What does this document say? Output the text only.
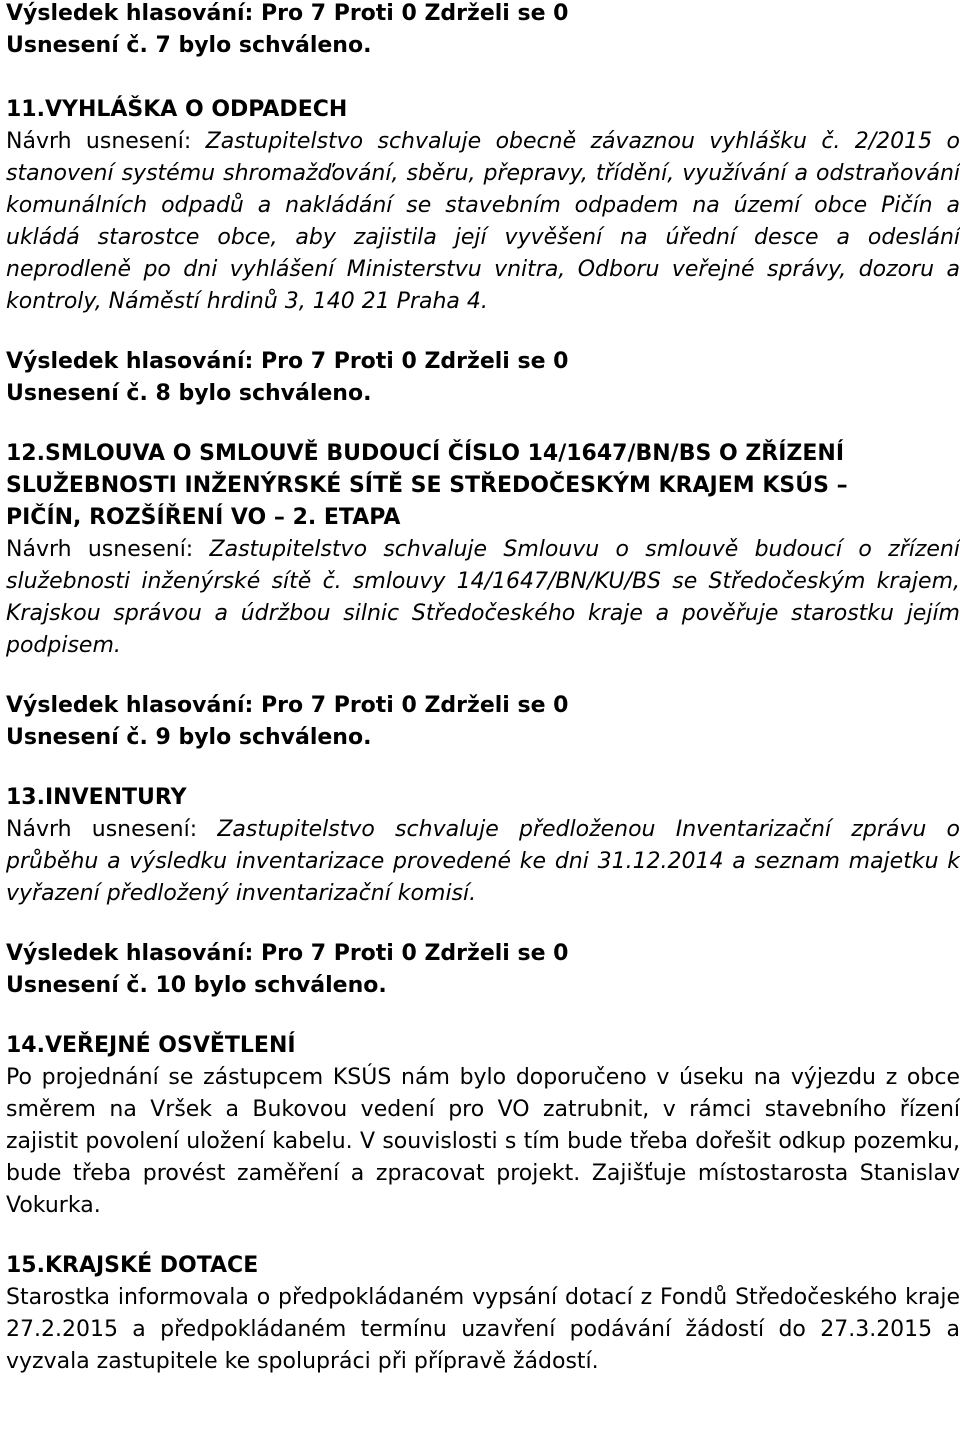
Výsledek hlasování: Pro 7 Proti 0 Zdrželi se 0

Usnesení č. 7 bylo schváleno.

11.VYHLÁŠKA O ODPADECH

Návrh usnesení: Zastupitelstvo schvaluje obecně závaznou vyhlášku č. 2/2015 o stanovení systému shromažďování, sběru, přepravy, třídění, využívání a odstraňování komunálních odpadů a nakládání se stavebním odpadem na území obce Pičín a ukládá starostce obce, aby zajistila její vyvěšení na úřední desce a odeslání neprodleně po dni vyhlášení Ministerstvu vnitra, Odboru veřejné správy, dozoru a kontroly, Náměstí hrdinů 3, 140 21 Praha 4.

Výsledek hlasování: Pro 7 Proti 0 Zdrželi se 0

Usnesení č. 8 bylo schváleno.

12.SMLOUVA O SMLOUVĚ BUDOUCÍ ČÍSLO 14/1647/BN/BS O ZŘÍZENÍ

SLUŽEBNOSTI INŽENÝRSKÉ SÍTĚ SE STŘEDOČESKÝM KRAJEM KSÚS –

PIČÍN, ROZŠÍŘENÍ VO – 2. ETAPA

Návrh usnesení: Zastupitelstvo schvaluje Smlouvu o smlouvě budoucí o zřízení služebnosti inženýrské sítě č. smlouvy 14/1647/BN/KU/BS se Středočeským krajem, Krajskou správou a údržbou silnic Středočeského kraje a pověřuje starostku jejím podpisem.

Výsledek hlasování: Pro 7 Proti 0 Zdrželi se 0

Usnesení č. 9 bylo schváleno.

13.INVENTURY

Návrh usnesení: Zastupitelstvo schvaluje předloženou Inventarizační zprávu o průběhu a výsledku inventarizace provedené ke dni 31.12.2014 a seznam majetku k vyřazení předložený inventarizační komisí.

Výsledek hlasování: Pro 7 Proti 0 Zdrželi se 0

Usnesení č. 10 bylo schváleno.

14.VEŘEJNÉ OSVĚTLENÍ

Po projednání se zástupcem KSÚS nám bylo doporučeno v úseku na výjezdu z obce směrem na Vršek a Bukovou vedení pro VO zatrubnit, v rámci stavebního řízení zajistit povolení uložení kabelu. V souvislosti s tím bude třeba dořešit odkup pozemku, bude třeba provést zaměření a zpracovat projekt. Zajišťuje místostarosta Stanislav Vokurka.

15.KRAJSKÉ DOTACE

Starostka informovala o předpokládaném vypsání dotací z Fondů Středočeského kraje 27.2.2015 a předpokládaném termínu uzavření podávání žádostí do 27.3.2015 a vyzvala zastupitele ke spolupráci při přípravě žádostí.
